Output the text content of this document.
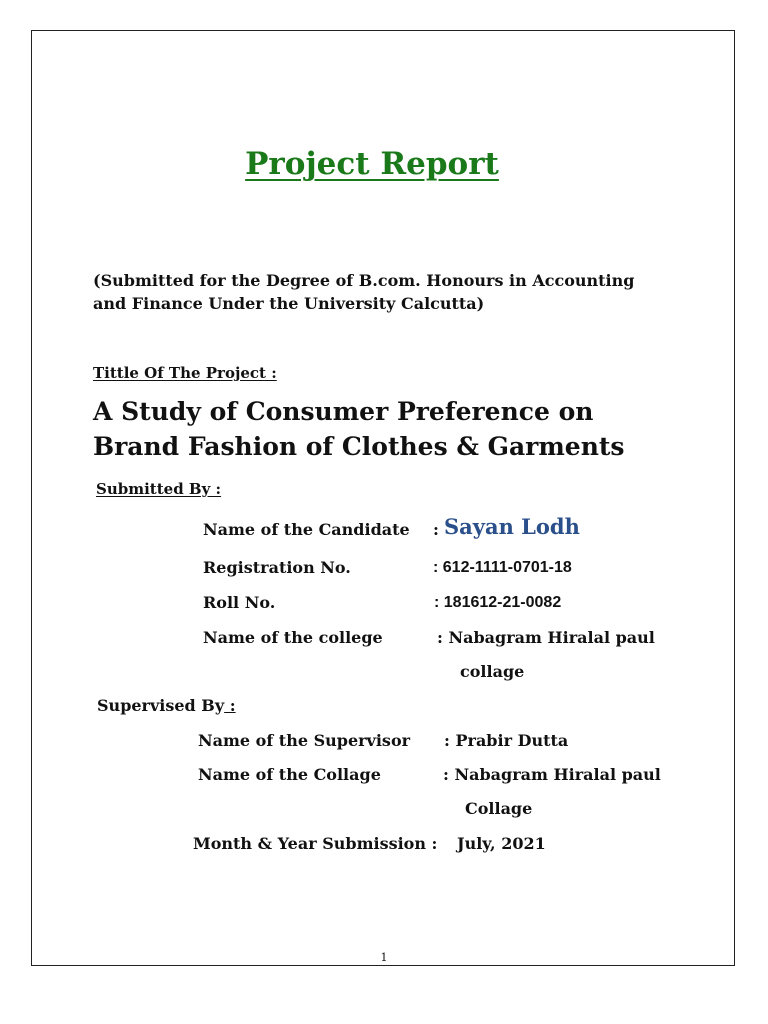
Project Report
(Submitted for the Degree of B.com. Honours in Accounting
and Finance Under the University Calcutta)
Tittle Of The Project :
A Study of Consumer Preference on
Brand Fashion of Clothes & Garments
Submitted By :
Name of the Candidate : Sayan Lodh
Registration No.	: 612-1111-0701-18
Roll No.	: 181612-21-0082
Name of the college	: Nabagram Hiralal paul
collage
Supervised By :
Name of the Supervisor : Prabir Dutta
Name of the Collage	: Nabagram Hiralal paul
Collage
Month & Year Submission : July, 2021
1
